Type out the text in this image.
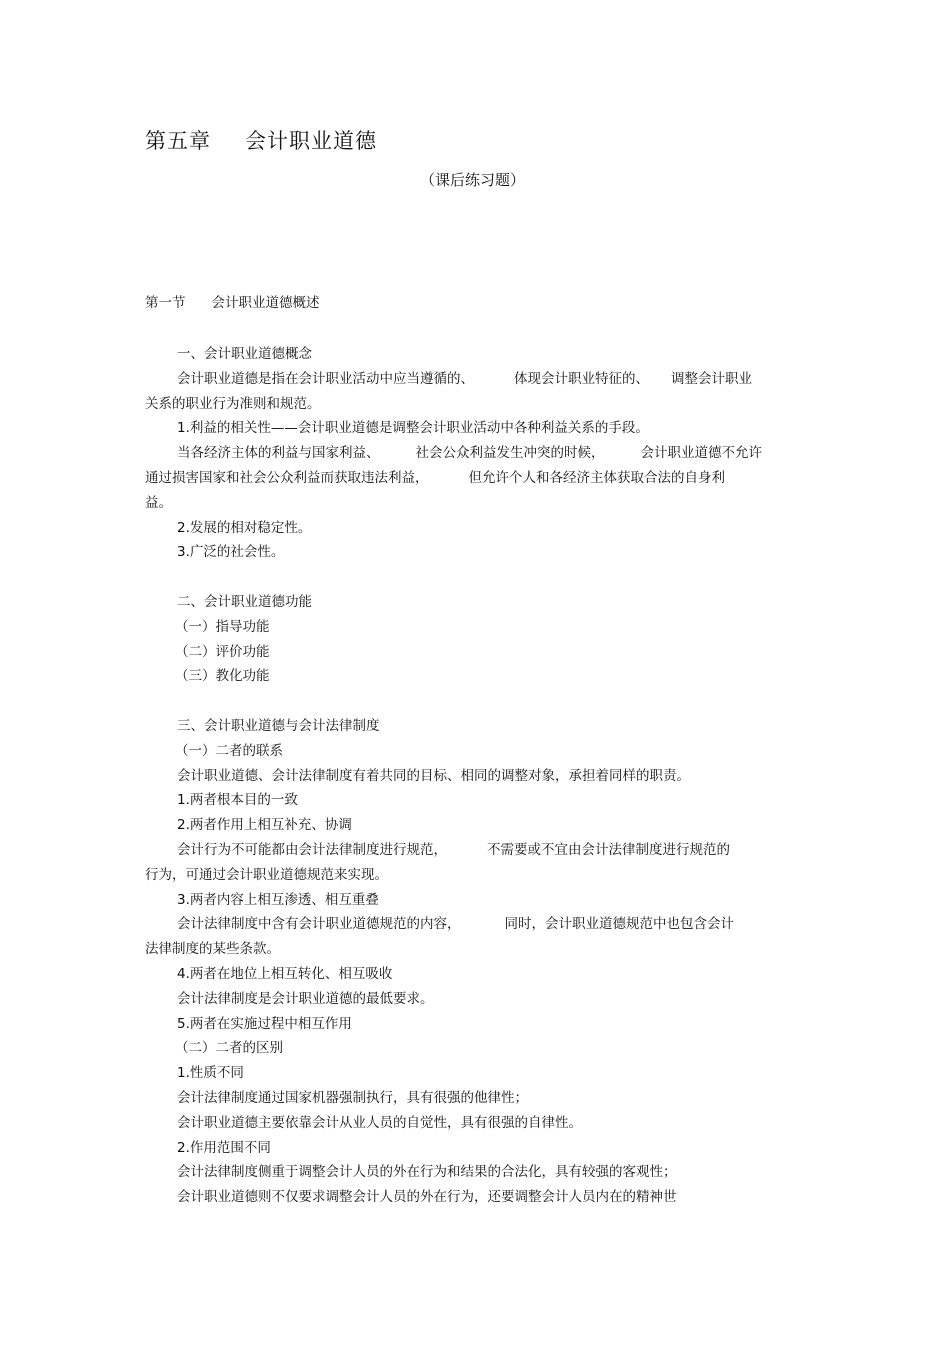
第五章 会计职业道德
（课后练习题）
第一节 会计职业道德概述
一、会计职业道德概念
会计职业道德是指在会计职业活动中应当遵循的、	体现会计职业特征的、 调整会计职业
关系的职业行为准则和规范。
1.利益的相关性——会计职业道德是调整会计职业活动中各种利益关系的手段。
当各经济主体的利益与国家利益、	社会公众利益发生冲突的时候，	会计职业道德不允许
通过损害国家和社会公众利益而获取违法利益，	但允许个人和各经济主体获取合法的自身利
益。
2.发展的相对稳定性。
3.广泛的社会性。
二、会计职业道德功能
（一）指导功能
（二）评价功能
（三）教化功能
三、会计职业道德与会计法律制度
（一）二者的联系
会计职业道德、会计法律制度有着共同的目标、相同的调整对象，承担着同样的职责。
1.两者根本目的一致
2.两者作用上相互补充、协调
会计行为不可能都由会计法律制度进行规范，	不需要或不宜由会计法律制度进行规范的
行为，可通过会计职业道德规范来实现。
3.两者内容上相互渗透、相互重叠
会计法律制度中含有会计职业道德规范的内容，	同时，会计职业道德规范中也包含会计
法律制度的某些条款。
4.两者在地位上相互转化、相互吸收
会计法律制度是会计职业道德的最低要求。
5.两者在实施过程中相互作用
（二）二者的区别
1.性质不同
会计法律制度通过国家机器强制执行，具有很强的他律性；
会计职业道德主要依靠会计从业人员的自觉性，具有很强的自律性。
2.作用范围不同
会计法律制度侧重于调整会计人员的外在行为和结果的合法化，具有较强的客观性；
会计职业道德则不仅要求调整会计人员的外在行为，还要调整会计人员内在的精神世
